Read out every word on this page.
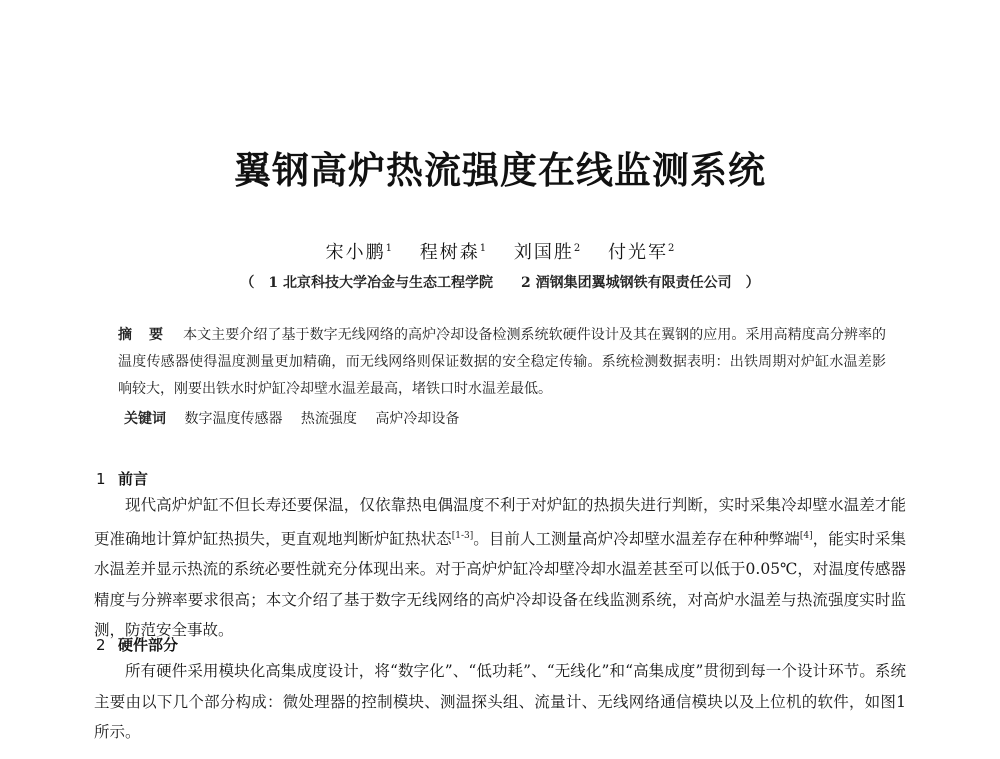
翼钢高炉热流强度在线监测系统
宋小鹏$^1$ 程树森$^1$ 刘国胜$^2$ 付光军$^2$
（ 1 北京科技大学冶金与生态工程学院 2 酒钢集团翼城钢铁有限责任公司 ）
摘 要 本文主要介绍了基于数字无线网络的高炉冷却设备检测系统软硬件设计及其在翼钢的应用。采用高精度高分辨率的温度传感器使得温度测量更加精确，而无线网络则保证数据的安全稳定传输。系统检测数据表明：出铁周期对炉缸水温差影响较大，刚要出铁水时炉缸冷却壁水温差最高，堵铁口时水温差最低。
关键词 数字温度传感器 热流强度 高炉冷却设备
1 前言

现代高炉炉缸不但长寿还要保温，仅依靠热电偶温度不利于对炉缸的热损失进行判断，实时采集冷却壁水温差才能更准确地计算炉缸热损失，更直观地判断炉缸热状态[1-3]。目前人工测量高炉冷却壁水温差存在种种弊端[4]，能实时采集水温差并显示热流的系统必要性就充分体现出来。对于高炉炉缸冷却壁冷却水温差甚至可以低于0.05℃，对温度传感器精度与分辨率要求很高；本文介绍了基于数字无线网络的高炉冷却设备在线监测系统，对高炉水温差与热流强度实时监测，防范安全事故。

2 硬件部分

所有硬件采用模块化高集成度设计，将“数字化”、“低功耗”、“无线化”和“高集成度”贯彻到每一个设计环节。系统主要由以下几个部分构成：微处理器的控制模块、测温探头组、流量计、无线网络通信模块以及上位机的软件，如图1所示。
